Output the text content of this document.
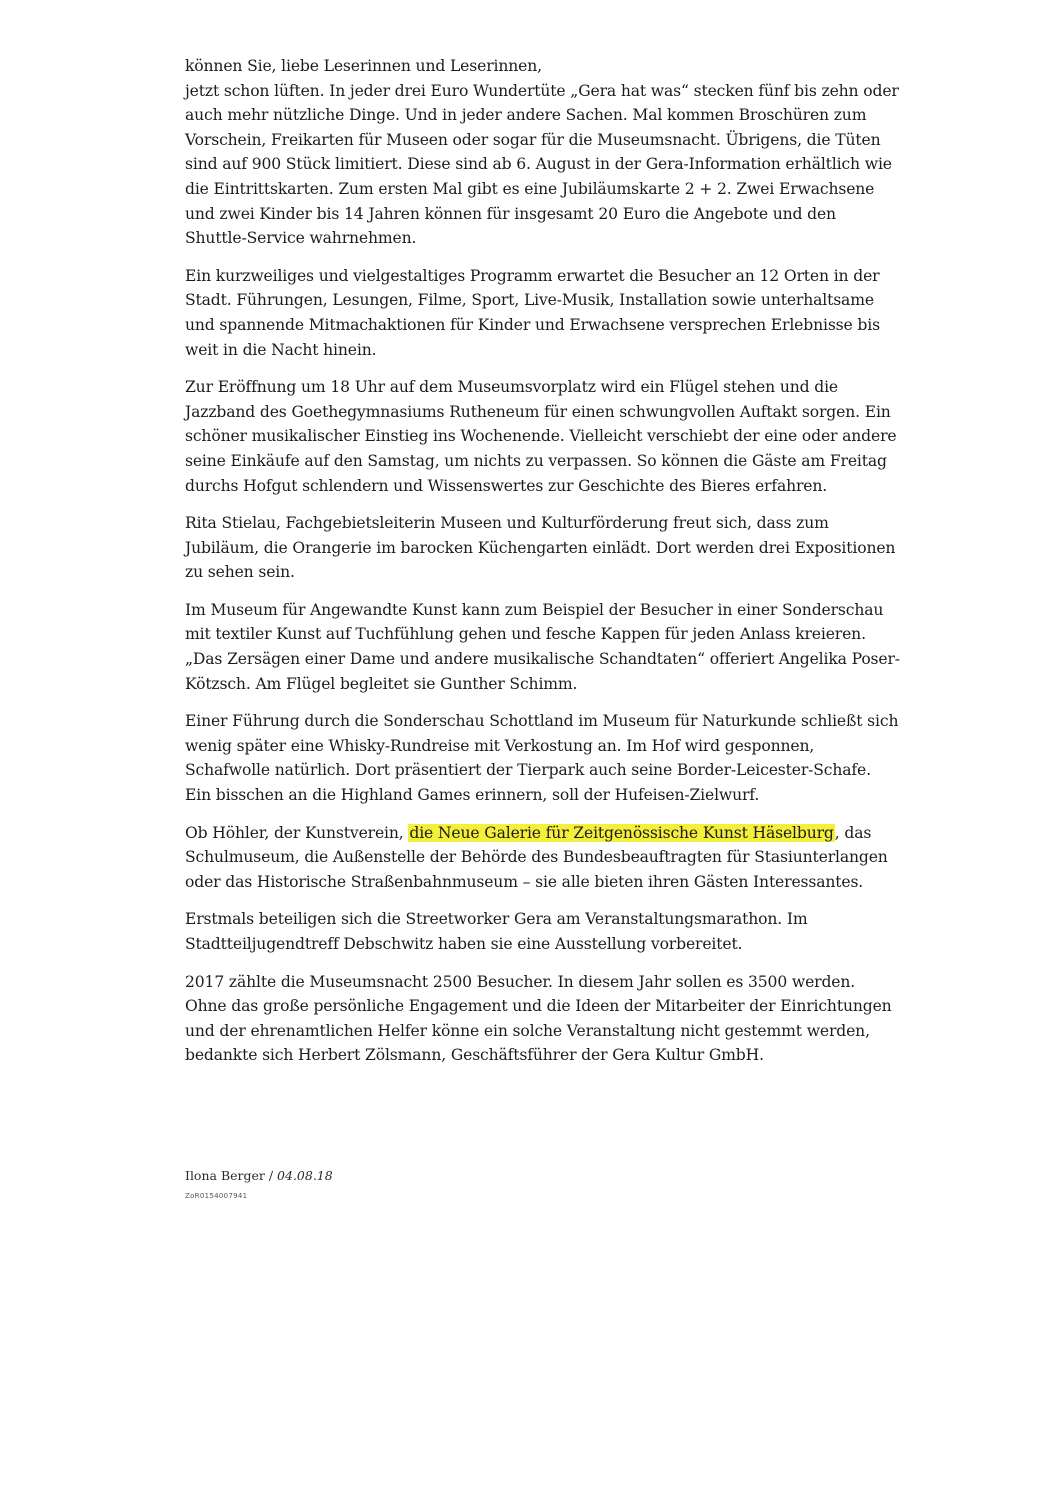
können Sie, liebe Leserinnen und Leserinnen,

jetzt schon lüften. In jeder drei Euro Wundertüte „Gera hat was“ stecken fünf bis zehn oder auch mehr nützliche Dinge. Und in jeder andere Sachen. Mal kommen Broschüren zum Vorschein, Freikarten für Museen oder sogar für die Museumsnacht. Übrigens, die Tüten sind auf 900 Stück limitiert. Diese sind ab 6. August in der Gera-Information erhältlich wie die Eintrittskarten. Zum ersten Mal gibt es eine Jubiläumskarte 2 + 2. Zwei Erwachsene und zwei Kinder bis 14 Jahren können für insgesamt 20 Euro die Angebote und den Shuttle-Service wahrnehmen.

Ein kurzweiliges und vielgestaltiges Programm erwartet die Besucher an 12 Orten in der Stadt. Führungen, Lesungen, Filme, Sport, Live-Musik, Installation sowie unterhaltsame und spannende Mitmachaktionen für Kinder und Erwachsene versprechen Erlebnisse bis weit in die Nacht hinein.

Zur Eröffnung um 18 Uhr auf dem Museumsvorplatz wird ein Flügel stehen und die Jazzband des Goethegymnasiums Rutheneum für einen schwungvollen Auftakt sorgen. Ein schöner musikalischer Einstieg ins Wochenende. Vielleicht verschiebt der eine oder andere seine Einkäufe auf den Samstag, um nichts zu verpassen. So können die Gäste am Freitag durchs Hofgut schlendern und Wissenswertes zur Geschichte des Bieres erfahren.

Rita Stielau, Fachgebietsleiterin Museen und Kulturförderung freut sich, dass zum Jubiläum, die Orangerie im barocken Küchengarten einlädt. Dort werden drei Expositionen zu sehen sein.

Im Museum für Angewandte Kunst kann zum Beispiel der Besucher in einer Sonderschau mit textiler Kunst auf Tuchfühlung gehen und fesche Kappen für jeden Anlass kreieren. „Das Zersägen einer Dame und andere musikalische Schandtaten“ offeriert Angelika Poser-Kötzsch. Am Flügel begleitet sie Gunther Schimm.

Einer Führung durch die Sonderschau Schottland im Museum für Naturkunde schließt sich wenig später eine Whisky-Rundreise mit Verkostung an. Im Hof wird gesponnen, Schafwolle natürlich. Dort präsentiert der Tierpark auch seine Border-Leicester-Schafe. Ein bisschen an die Highland Games erinnern, soll der Hufeisen-Zielwurf.

Ob Höhler, der Kunstverein, die Neue Galerie für Zeitgenössische Kunst Häselburg, das Schulmuseum, die Außenstelle der Behörde des Bundesbeauftragten für Stasiunterlangen oder das Historische Straßenbahnmuseum – sie alle bieten ihren Gästen Interessantes.

Erstmals beteiligen sich die Streetworker Gera am Veranstaltungsmarathon. Im Stadtteiljugendtreff Debschwitz haben sie eine Ausstellung vorbereitet.

2017 zählte die Museumsnacht 2500 Besucher. In diesem Jahr sollen es 3500 werden. Ohne das große persönliche Engagement und die Ideen der Mitarbeiter der Einrichtungen und der ehrenamtlichen Helfer könne ein solche Veranstaltung nicht gestemmt werden, bedankte sich Herbert Zölsmann, Geschäftsführer der Gera Kultur GmbH.

Ilona Berger / 04.08.18
ZoR0154007941
